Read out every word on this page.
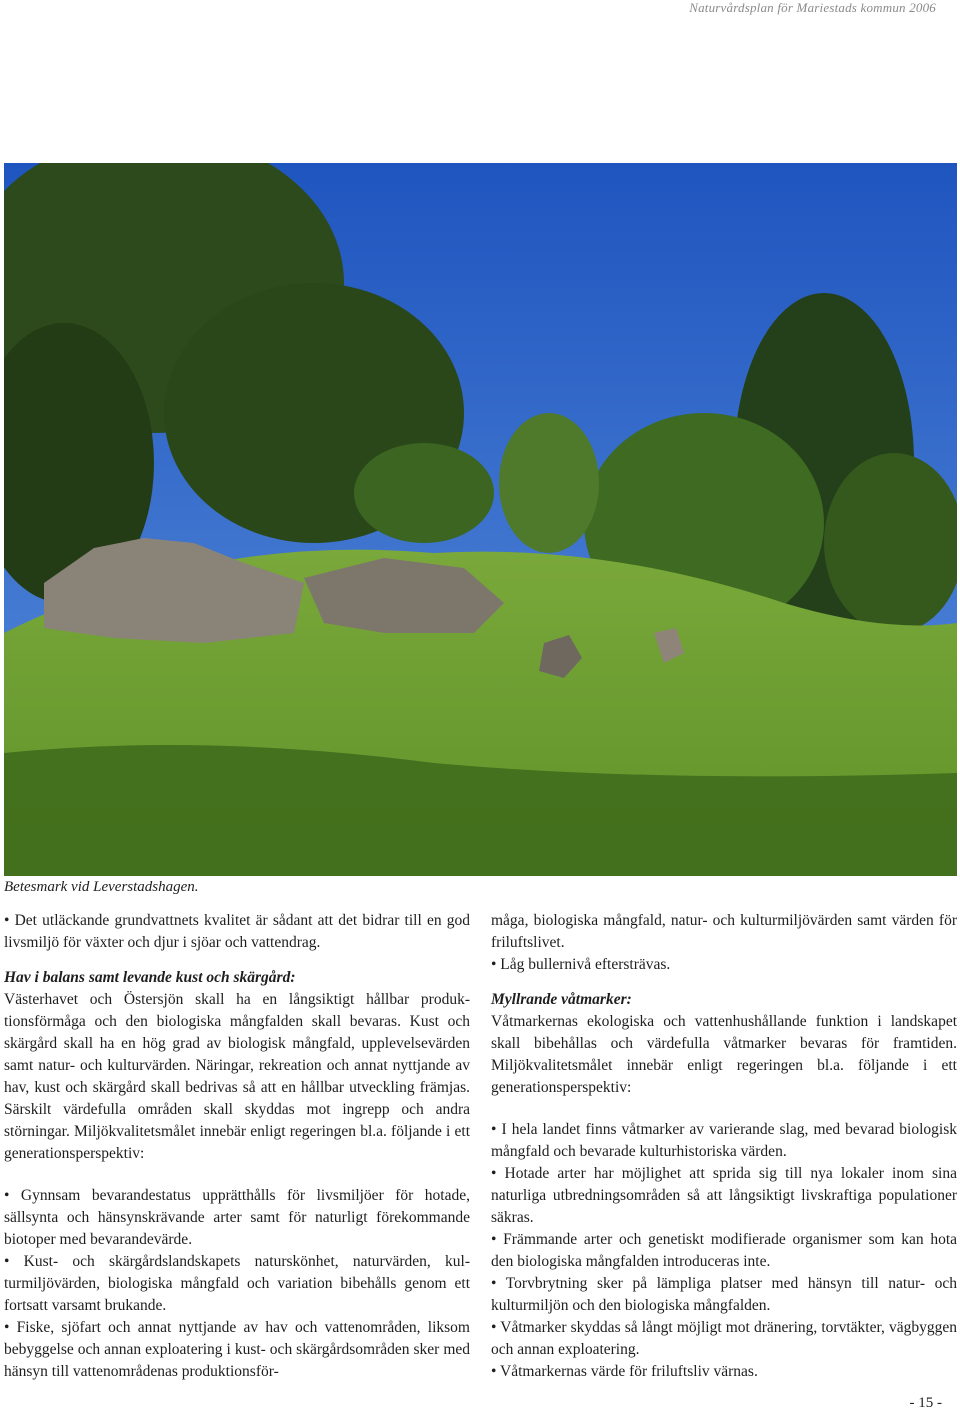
Naturvårdsplan för Mariestads kommun 2006
Betesmark vid Leverstadshagen.

• Det utläckande grundvattnets kvalitet är sådant att det bidrar till en god livsmiljö för växter och djur i sjöar och vattendrag.

Hav i balans samt levande kust och skärgård:
Västerhavet och Östersjön skall ha en långsiktigt hållbar produktionsförmåga och den biologiska mångfalden skall bevaras. Kust och skärgård skall ha en hög grad av biologisk mångfald, upplevelsevärden samt natur- och kulturvärden. Näringar, rekreation och annat nyttjande av hav, kust och skärgård skall bedrivas så att en hållbar utveckling främjas. Särskilt värdefulla områden skall skyddas mot ingrepp och andra störningar. Miljökvalitetsmålet innebär enligt regeringen bl.a. följande i ett generationsperspektiv:

• Gynnsam bevarandestatus upprätthålls för livsmiljöer för hotade, sällsynta och hänsynskrävande arter samt för naturligt förekommande biotoper med bevarandevärde.

• Kust- och skärgårdslandskapets naturskönhet, naturvärden, kulturmiljövärden, biologiska mångfald och variation bibehålls genom ett fortsatt varsamt brukande.

• Fiske, sjöfart och annat nyttjande av hav och vattenområden, liksom bebyggelse och annan exploatering i kust- och skärgårdsområden sker med hänsyn till vattenområdenas produktionsför-

måga, biologiska mångfald, natur- och kulturmiljövärden samt värden för friluftslivet.

• Låg bullernivå eftersträvas.

Myllrande våtmarker:
Våtmarkernas ekologiska och vattenhushållande funktion i landskapet skall bibehållas och värdefulla våtmarker bevaras för framtiden. Miljökvalitetsmålet innebär enligt regeringen bl.a. följande i ett generationsperspektiv:

• I hela landet finns våtmarker av varierande slag, med bevarad biologisk mångfald och bevarade kulturhistoriska värden.

• Hotade arter har möjlighet att sprida sig till nya lokaler inom sina naturliga utbredningsområden så att långsiktigt livskraftiga populationer säkras.

• Främmande arter och genetiskt modifierade organismer som kan hota den biologiska mångfalden introduceras inte.

• Torvbrytning sker på lämpliga platser med hänsyn till natur- och kulturmiljön och den biologiska mångfalden.

• Våtmarker skyddas så långt möjligt mot dränering, torvtäkter, vägbyggen och annan exploatering.

• Våtmarkernas värde för friluftsliv värnas.

- 15 -
